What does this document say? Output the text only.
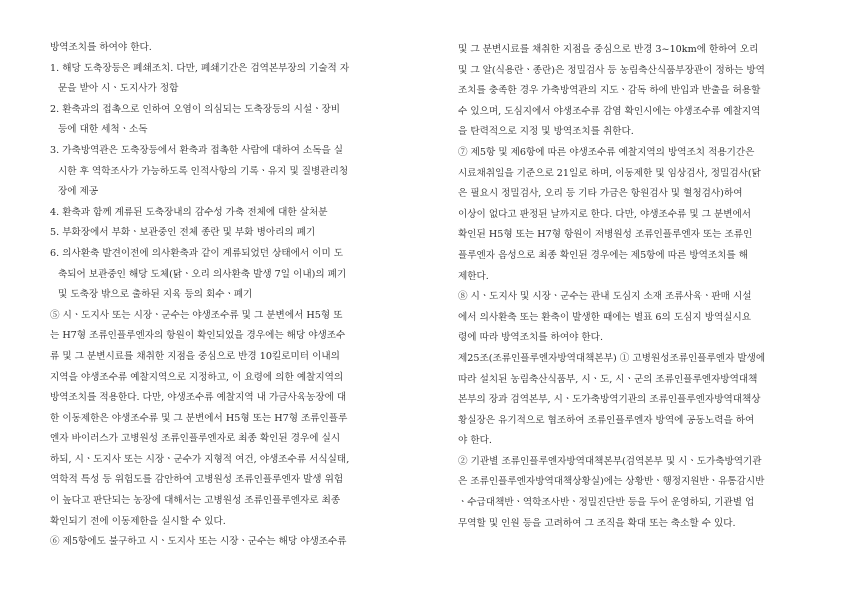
방역조치를 하여야 한다.
1. 해당 도축장등은 폐쇄조치. 다만, 폐쇄기간은 검역본부장의 기술적 자
문을 받아 시ㆍ도지사가 정함
2. 환축과의 접촉으로 인하여 오염이 의심되는 도축장등의 시설ㆍ장비
등에 대한 세척ㆍ소독
3. 가축방역관은 도축장등에서 환축과 접촉한 사람에 대하여 소독을 실
시한 후 역학조사가 가능하도록 인적사항의 기록ㆍ유지 및 질병관리청
장에 제공
4. 환축과 함께 계류된 도축장내의 감수성 가축 전체에 대한 살처분
5. 부화장에서 부화ㆍ보관중인 전체 종란 및 부화 병아리의 폐기
6. 의사환축 발견이전에 의사환축과 같이 계류되었던 상태에서 이미 도
축되어 보관중인 해당 도체(닭ㆍ오리 의사환축 발생 7일 이내)의 폐기
및 도축장 밖으로 출하된 지육 등의 회수ㆍ폐기
⑤ 시ㆍ도지사 또는 시장ㆍ군수는 야생조수류 및 그 분변에서 H5형 또
는 H7형 조류인플루엔자의 항원이 확인되었을 경우에는 해당 야생조수
류 및 그 분변시료를 채취한 지점을 중심으로 반경 10킬로미터 이내의
지역을 야생조수류 예찰지역으로 지정하고, 이 요령에 의한 예찰지역의
방역조치를 적용한다. 다만, 야생조수류 예찰지역 내 가금사육농장에 대
한 이동제한은 야생조수류 및 그 분변에서 H5형 또는 H7형 조류인플루
엔자 바이러스가 고병원성 조류인플루엔자로 최종 확인된 경우에 실시
하되, 시ㆍ도지사 또는 시장ㆍ군수가 지형적 여건, 야생조수류 서식실태,
역학적 특성 등 위험도를 감안하여 고병원성 조류인플루엔자 발생 위험
이 높다고 판단되는 농장에 대해서는 고병원성 조류인플루엔자로 최종
확인되기 전에 이동제한을 실시할 수 있다.
⑥ 제5항에도 불구하고 시ㆍ도지사 또는 시장ㆍ군수는 해당 야생조수류
및 그 분변시료를 채취한 지점을 중심으로 반경 3~10km에 한하여 오리
및 그 알(식용란ㆍ종란)은 정밀검사 등 농림축산식품부장관이 정하는 방역
조치를 충족한 경우 가축방역관의 지도ㆍ감독 하에 반입과 반출을 허용할
수 있으며, 도심지에서 야생조수류 감염 확인시에는 야생조수류 예찰지역
을 탄력적으로 지정 및 방역조치를 취한다.
⑦ 제5항 및 제6항에 따른 야생조수류 예찰지역의 방역조치 적용기간은
시료채취일을 기준으로 21일로 하며, 이동제한 및 임상검사, 정밀검사(닭
은 필요시 정밀검사, 오리 등 기타 가금은 항원검사 및 혈청검사)하여
이상이 없다고 판정된 날까지로 한다. 다만, 야생조수류 및 그 분변에서
확인된 H5형 또는 H7형 항원이 저병원성 조류인플루엔자 또는 조류인
플루엔자 음성으로 최종 확인된 경우에는 제5항에 따른 방역조치를 해
제한다.
⑧ 시ㆍ도지사 및 시장ㆍ군수는 관내 도심지 소재 조류사육ㆍ판매 시설
에서 의사환축 또는 환축이 발생한 때에는 별표 6의 도심지 방역실시요
령에 따라 방역조치를 하여야 한다.
제25조(조류인플루엔자방역대책본부) ① 고병원성조류인플루엔자 발생에
따라 설치된 농림축산식품부, 시ㆍ도, 시ㆍ군의 조류인플루엔자방역대책
본부의 장과 검역본부, 시ㆍ도가축방역기관의 조류인플루엔자방역대책상
황실장은 유기적으로 협조하여 조류인플루엔자 방역에 공동노력을 하여
야 한다.
② 기관별 조류인플루엔자방역대책본부(검역본부 및 시ㆍ도가축방역기관
은 조류인플루엔자방역대책상황실)에는 상황반ㆍ행정지원반ㆍ유통감시반
ㆍ수급대책반ㆍ역학조사반ㆍ정밀진단반 등을 두어 운영하되, 기관별 업
무역할 및 인원 등을 고려하여 그 조직을 확대 또는 축소할 수 있다.
